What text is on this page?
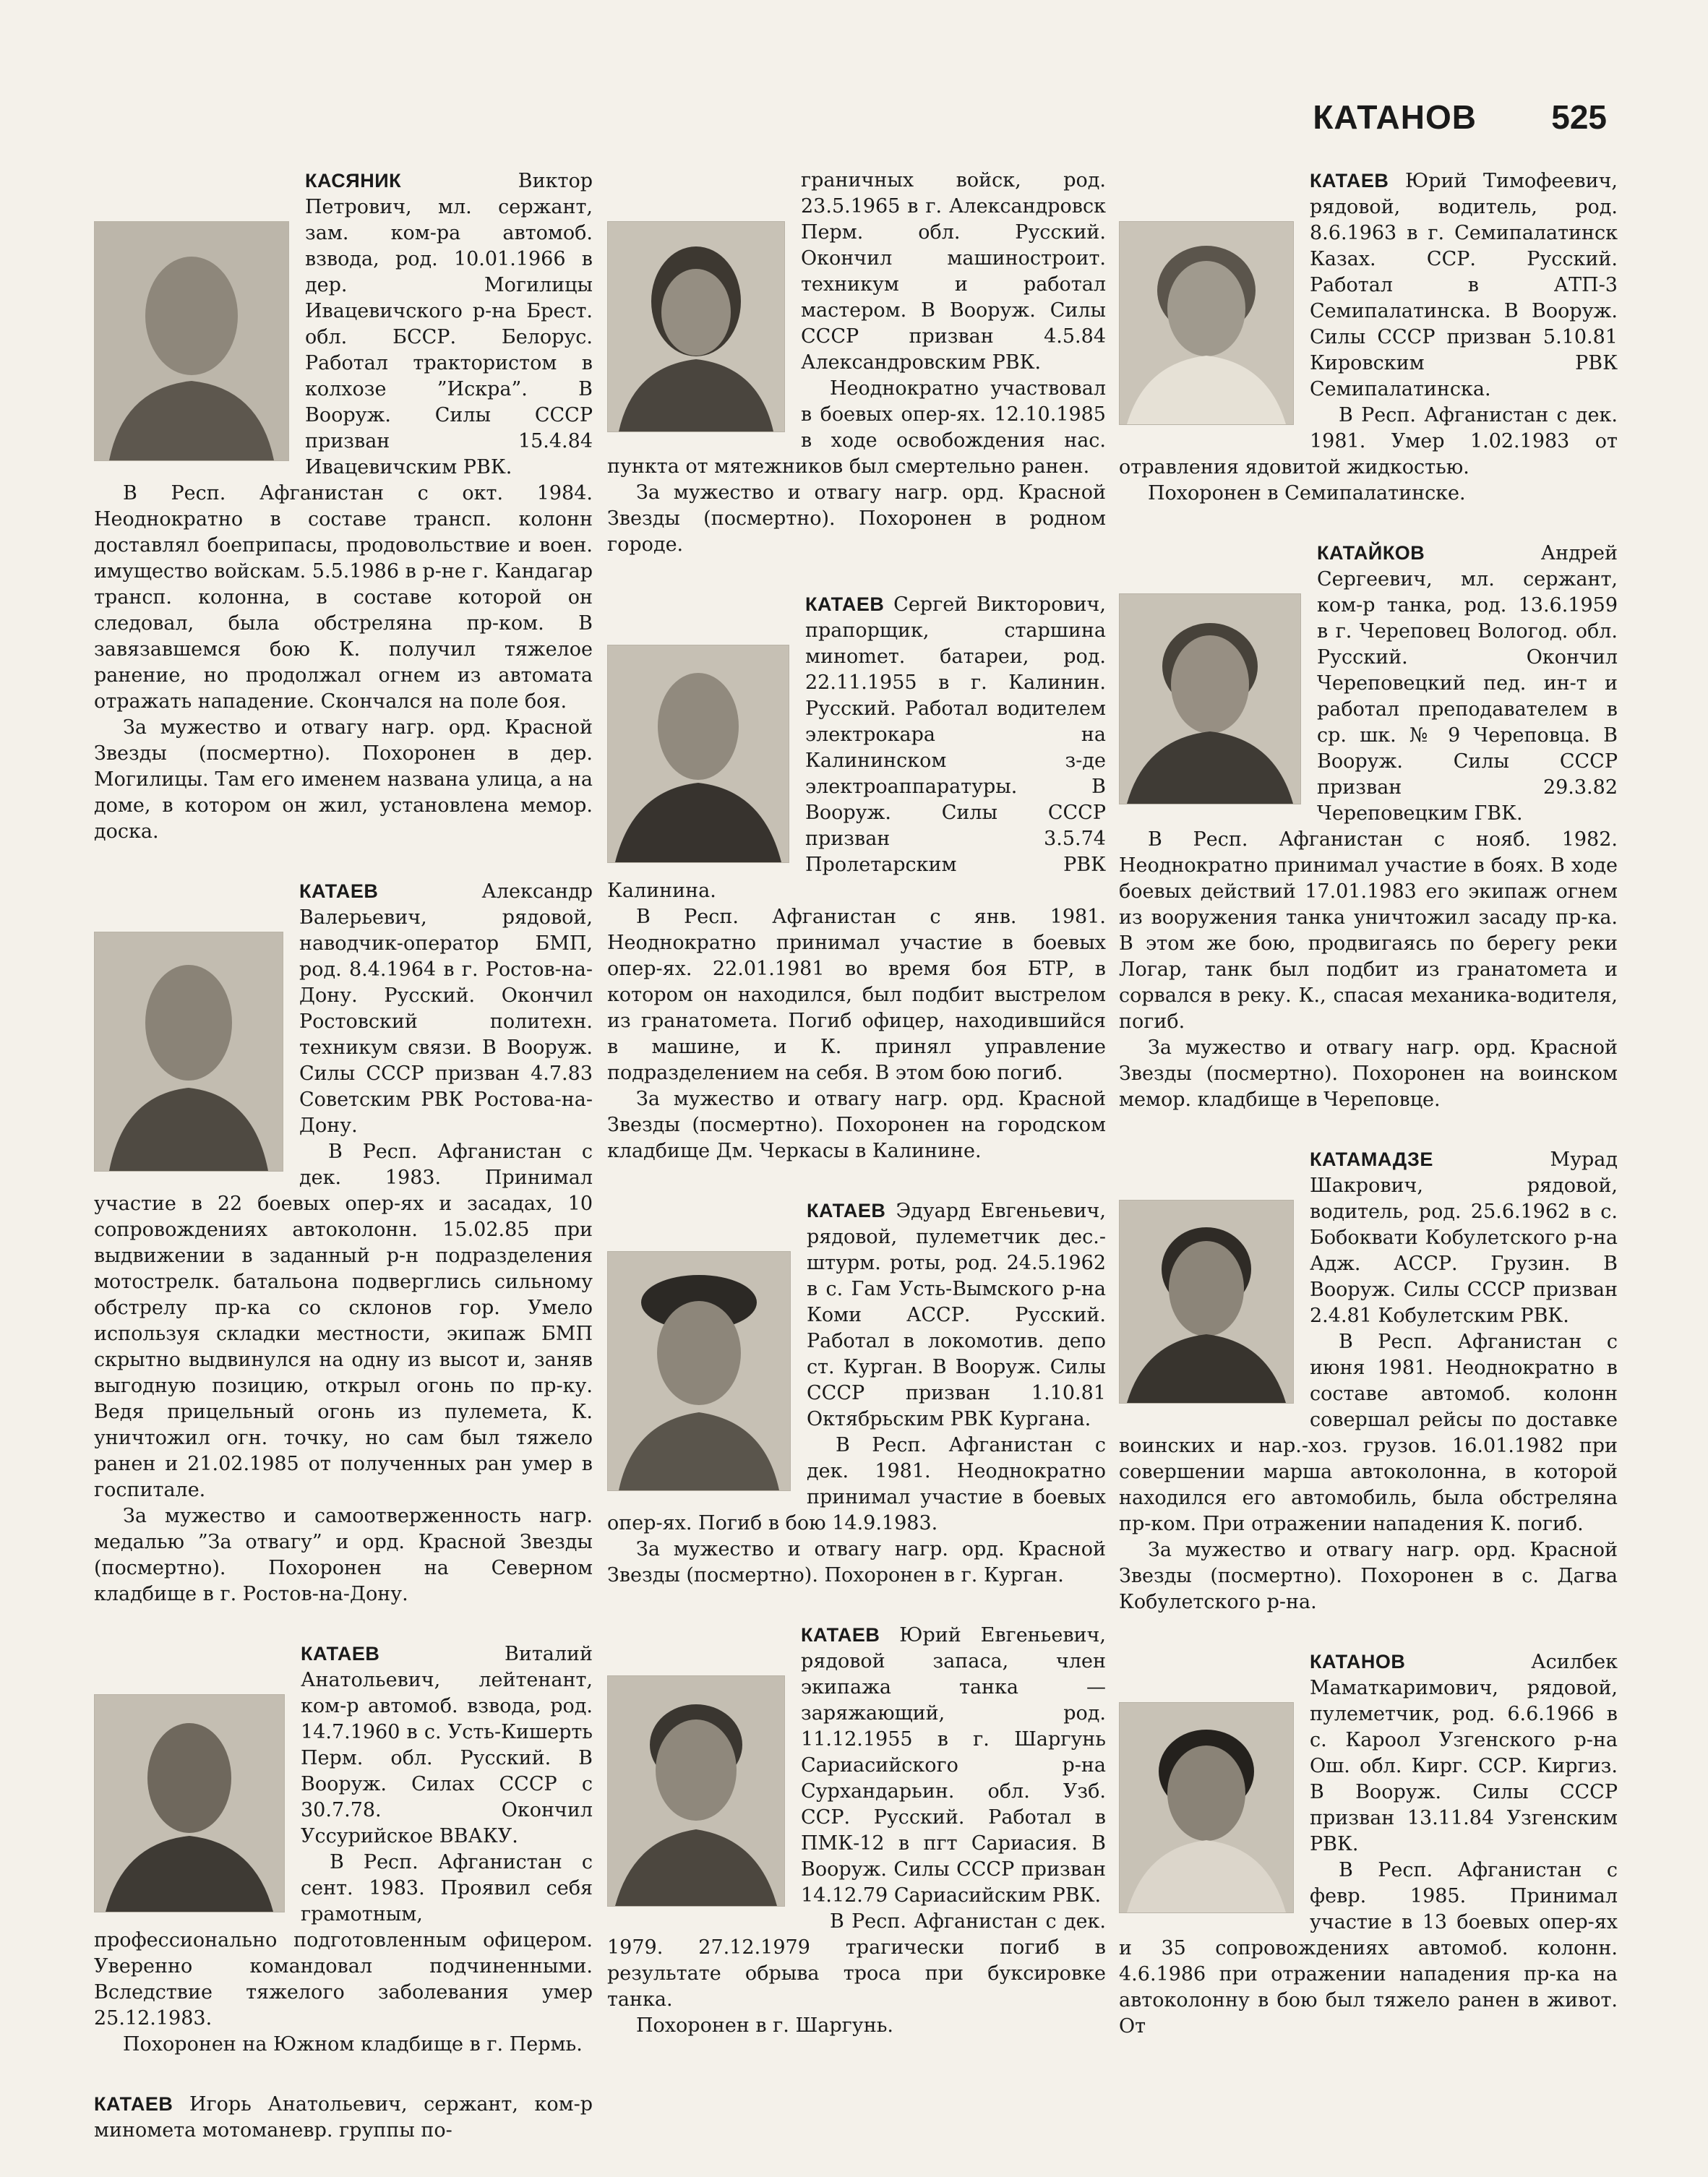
КАТАНОВ 525

КАСЯНИК	Виктор Петрович, мл. сержант, зам. ком-ра автомоб. взвода, род. 10.01.1966 в дер. Могилицы Ивацевичского р-на Брест. обл. БССР. Белорус. Работал трактористом в колхозе ”Искра”. В Вооруж. Силы СССР призван 15.4.84 Ивацевичским РВК.

В Респ. Афганистан с окт. 1984. Неоднократно в составе трансп. колонн доставлял боеприпасы, продовольствие и воен. имущество войскам. 5.5.1986 в р-не г. Кандагар трансп. колонна, в составе которой он следовал, была обстреляна пр-ком. В завязавшемся бою К. получил тяжелое ранение, но продолжал огнем из автомата отражать нападение. Скончался на поле боя.

За мужество и отвагу нагр. орд. Красной Звезды (посмертно). Похоронен в дер. Могилицы. Там его именем названа улица, а на доме, в котором он жил, установлена мемор. доска.

КАТАЕВ	Александр Валерьевич, рядовой, наводчик-оператор БМП, род. 8.4.1964 в г. Ростов-на-Дону. Русский. Окончил Ростовский политехн. техникум связи. В Вооруж. Силы СССР призван 4.7.83 Советским РВК Ростова-на-Дону.

В Респ. Афганистан с дек. 1983. Принимал участие в 22 боевых опер-ях и засадах, 10 сопровождениях автоколонн. 15.02.85 при выдвижении в заданный р-н подразделения мотострелк. батальона подверглись сильному обстрелу пр-ка со склонов гор. Умело используя складки местности, экипаж БМП скрытно выдвинулся на одну из высот и, заняв выгодную позицию, открыл огонь по пр-ку. Ведя прицельный огонь из пулемета, К. уничтожил огн. точку, но сам был тяжело ранен и 21.02.1985 от полученных ран умер в госпитале.

За мужество и самоотверженность нагр. медалью ”За отвагу” и орд. Красной Звезды (посмертно). Похоронен на Северном кладбище в г. Ростов-на-Дону.

КАТАЕВ	Виталий Анатольевич, лейтенант, ком-р автомоб. взвода, род. 14.7.1960 в с. Усть-Кишерть Перм. обл. Русский. В Вооруж. Силах СССР с 30.7.78. Окончил Уссурийское ВВАКУ.

В Респ. Афганистан с сент. 1983. Проявил себя грамотным, профессионально подготовленным офицером. Уверенно командовал подчиненными. Вследствие тяжелого заболевания умер 25.12.1983.

Похоронен на Южном кладбище в г. Пермь.

КАТАЕВ Игорь Анатольевич, сержант, ком-р миномета мотоманевр. группы по-

граничных войск, род. 23.5.1965 в г. Александровск Перм. обл. Русский. Окончил машиностроит. техникум и работал мастером. В Вооруж. Силы СССР призван 4.5.84 Александровским РВК.

Неоднократно участвовал в боевых опер-ях. 12.10.1985 в ходе освобождения нас. пункта от мятежников был смертельно ранен.

За мужество и отвагу нагр. орд. Красной Звезды (посмертно). Похоронен в родном городе.

КАТАЕВ Сергей Викторович, прапорщик, старшина минomет. батареи, род. 22.11.1955 в г. Калинин. Русский. Работал водителем электрокара на Калининском з-де электроаппаратуры. В Вооруж. Силы СССР призван 3.5.74 Пролетарским РВК Калинина.

В Респ. Афганистан с янв. 1981. Неоднократно принимал участие в боевых опер-ях. 22.01.1981 во время боя БТР, в котором он находился, был подбит выстрелом из гранатомета. Погиб офицер, находившийся в машине, и К. принял управление подразделением на себя. В этом бою погиб.

За мужество и отвагу нагр. орд. Красной Звезды (посмертно). Похоронен на городском кладбище Дм. Черкасы в Калинине.

КАТАЕВ Эдуард Евгеньевич, рядовой, пулеметчик дес.-штурм. роты, род. 24.5.1962 в с. Гам Усть-Вымского р-на Коми АССР. Русский. Работал в локомотив. депо ст. Курган. В Вооруж. Силы СССР призван 1.10.81 Октябрьским РВК Кургана.

В Респ. Афганистан с дек. 1981. Неоднократно принимал участие в боевых опер-ях. Погиб в бою 14.9.1983.

За мужество и отвагу нагр. орд. Красной Звезды (посмертно). Похоронен в г. Курган.

КАТАЕВ Юрий Евгеньевич, рядовой запаса, член экипажа танка — заряжающий, род. 11.12.1955 в г. Шаргунь Сариасийского р-на Сурхандарьин. обл. Узб. ССР. Русский. Работал в ПМК-12 в пгт Сариасия. В Вооруж. Силы СССР призван 14.12.79 Сариасийским РВК.

В Респ. Афганистан с дек. 1979. 27.12.1979 трагически погиб в результате обрыва троса при буксировке танка.

Похоронен в г. Шаргунь.

КАТАЕВ Юрий Тимофеевич, рядовой, водитель, род. 8.6.1963 в г. Семипалатинск Казах. ССР. Русский. Работал в АТП-3 Семипалатинска. В Вооруж. Силы СССР призван 5.10.81 Кировским РВК Семипалатинска.

В Респ. Афганистан с дек. 1981. Умер 1.02.1983 от отравления ядовитой жидкостью.

Похоронен в Семипалатинске.

КАТАЙКОВ	Андрей Сергеевич, мл. сержант, ком-р танка, род. 13.6.1959 в г. Череповец Вологод. обл. Русский. Окончил Череповецкий пед. ин-т и работал преподавателем в ср. шк. № 9 Череповца. В Вооруж. Силы СССР призван 29.3.82 Череповецким ГВК.

В Респ. Афганистан с нояб. 1982. Неоднократно принимал участие в боях. В ходе боевых действий 17.01.1983 его экипаж огнем из вооружения танка уничтожил засаду пр-ка. В этом же бою, продвигаясь по берегу реки Логар, танк был подбит из гранатомета и сорвался в реку. К., спасая механика-водителя, погиб.

За мужество и отвагу нагр. орд. Красной Звезды (посмертно). Похоронен на воинском мемор. кладбище в Череповце.

КАТАМАДЗЕ	Мурад Шакрович, рядовой, водитель, род. 25.6.1962 в с. Бобоквати Кобулетского р-на Адж. АССР. Грузин. В Вооруж. Силы СССР призван 2.4.81 Кобулетским РВК.

В Респ. Афганистан с июня 1981. Неоднократно в составе автомоб. колонн совершал рейсы по доставке воинских и нар.-хоз. грузов. 16.01.1982 при совершении марша автоколонна, в которой находился его автомобиль, была обстреляна пр-ком. При отражении нападения К. погиб.

За мужество и отвагу нагр. орд. Красной Звезды (посмертно). Похоронен в с. Дагва Кобулетского р-на.

КАТАНОВ	Асилбек Маматкаримович, рядовой, пулеметчик, род. 6.6.1966 в с. Кароол Узгенского р-на Ош. обл. Кирг. ССР. Киргиз. В Вооруж. Силы СССР призван 13.11.84 Узгенским РВК.

В Респ. Афганистан с февр. 1985. Принимал участие в 13 боевых опер-ях и 35 сопровождениях автомоб. колонн. 4.6.1986 при отражении нападения пр-ка на автоколонну в бою был тяжело ранен в живот. От
